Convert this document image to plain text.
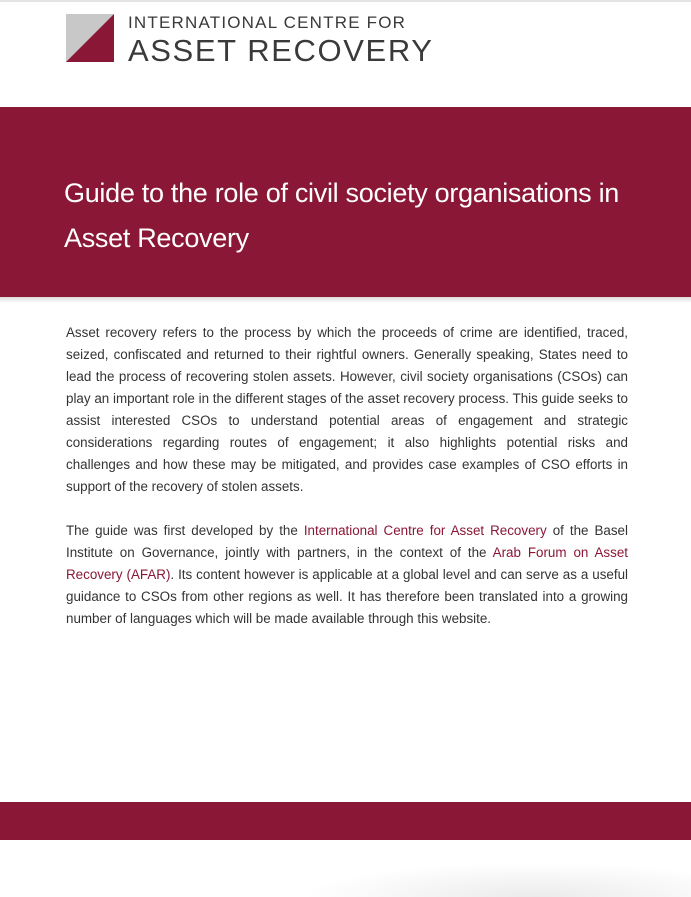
INTERNATIONAL CENTRE FOR
ASSET RECOVERY
Guide to the role of civil society organisations in Asset Recovery

Asset recovery refers to the process by which the proceeds of crime are identified, traced, seized, confiscated and returned to their rightful owners. Generally speaking, States need to lead the process of recovering stolen assets. However, civil society organisations (CSOs) can play an important role in the different stages of the asset recovery process. This guide seeks to assist interested CSOs to understand potential areas of engagement and strategic considerations regarding routes of engagement; it also highlights potential risks and challenges and how these may be mitigated, and provides case examples of CSO efforts in support of the recovery of stolen assets.

The guide was first developed by the International Centre for Asset Recovery of the Basel Institute on Governance, jointly with partners, in the context of the Arab Forum on Asset Recovery (AFAR). Its content however is applicable at a global level and can serve as a useful guidance to CSOs from other regions as well. It has therefore been translated into a growing number of languages which will be made available through this website.
